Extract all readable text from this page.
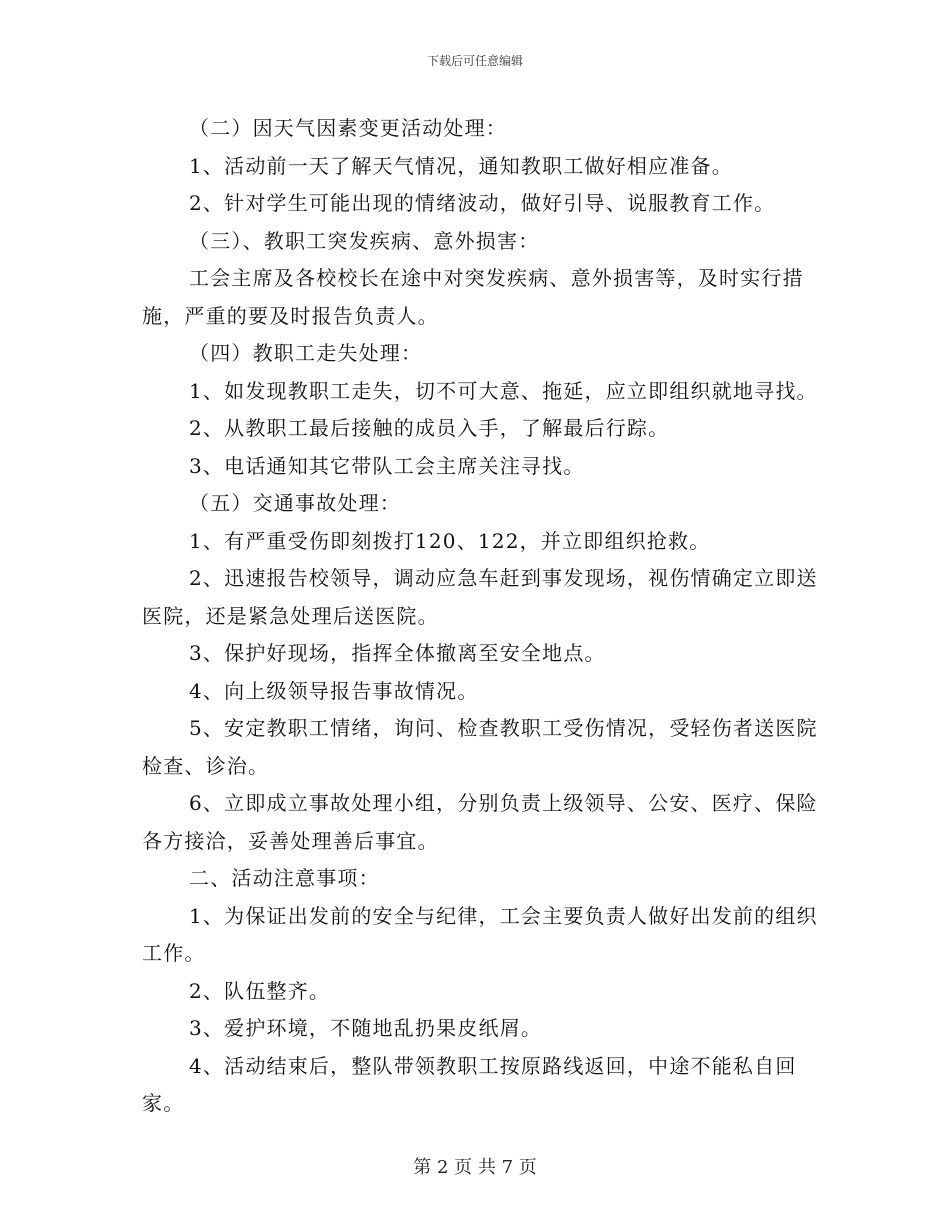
下载后可任意编辑

（二）因天气因素变更活动处理：

1、活动前一天了解天气情况，通知教职工做好相应准备。

2、针对学生可能出现的情绪波动，做好引导、说服教育工作。

（三）、教职工突发疾病、意外损害：

工会主席及各校校长在途中对突发疾病、意外损害等，及时实行措施，严重的要及时报告负责人。

（四）教职工走失处理：

1、如发现教职工走失，切不可大意、拖延，应立即组织就地寻找。

2、从教职工最后接触的成员入手，了解最后行踪。

3、电话通知其它带队工会主席关注寻找。

（五）交通事故处理：

1、有严重受伤即刻拨打120、122，并立即组织抢救。

2、迅速报告校领导，调动应急车赶到事发现场，视伤情确定立即送医院，还是紧急处理后送医院。

3、保护好现场，指挥全体撤离至安全地点。

4、向上级领导报告事故情况。

5、安定教职工情绪，询问、检查教职工受伤情况，受轻伤者送医院检查、诊治。

6、立即成立事故处理小组，分别负责上级领导、公安、医疗、保险各方接洽，妥善处理善后事宜。

二、活动注意事项：

1、为保证出发前的安全与纪律，工会主要负责人做好出发前的组织工作。

2、队伍整齐。

3、爱护环境，不随地乱扔果皮纸屑。

4、活动结束后，整队带领教职工按原路线返回，中途不能私自回家。

第 2 页 共 7 页
